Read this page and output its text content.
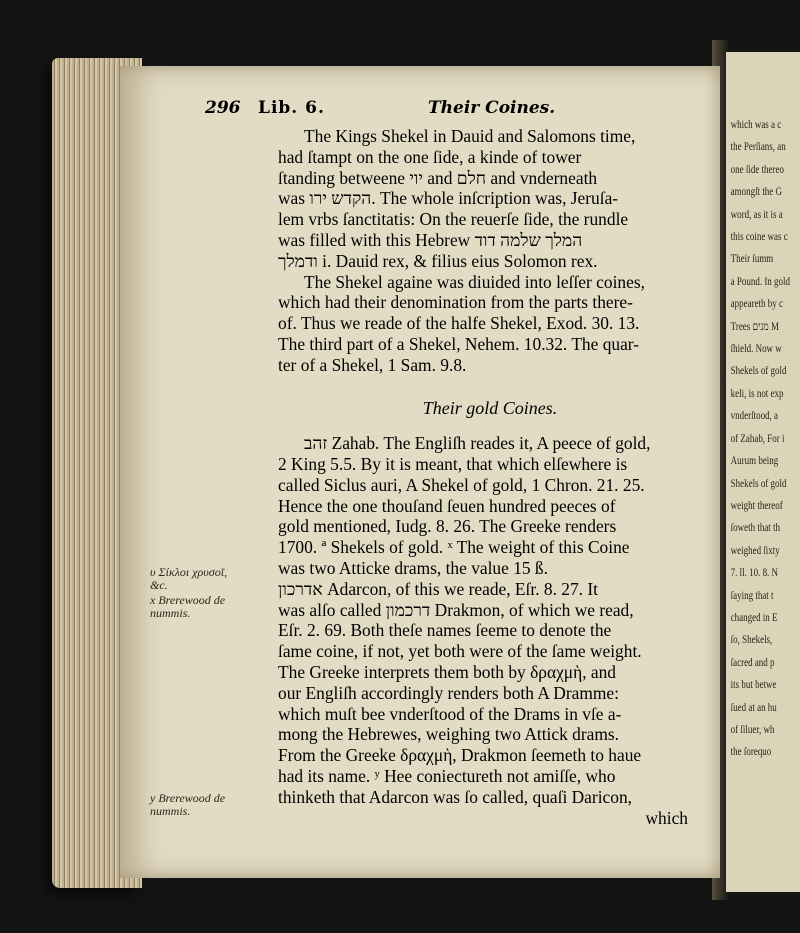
which was a c
the Perſians, an
one ſide thereo
amongſt the G
word, as it is a
this coine was c
Their ſumm
a Pound. In gold
appeareth by c
Trees מנים M
ſhield. Now w
Shekels of gold
keli, is not exp
vnderſtood, a
of Zahab, For i
Aurum being
Shekels of gold
weight thereof
ſoweth that th
weighed ſixty
7. ll. 10. 8. N
ſaying that t
changed in E
ſo, Shekels,
ſacred and p
its but betwe
ſued at an hu
of ſiluer, wh
the ſorequo
296 Lib. 6.	Their Coines.
υ Σίκλοι χρυσοῖ,
&c.
x Brerewood de
nummis.
y Brerewood de
nummis.
The Kings Shekel in Dauid and Salomons time,
had ſtampt on the one ſide, a kinde of tower
ſtanding betweene יוי and חלם and vnderneath
was הקדש ירו. The whole inſcription was, Jeruſa-
lem vrbs ſanctitatis: On the reuerſe ſide, the rundle
was filled with this Hebrew המלך שלמה דוד
ודמלך i. Dauid rex, & filius eius Solomon rex.
The Shekel againe was diuided into leſſer coines,
which had their denomination from the parts there-
of. Thus we reade of the halfe Shekel, Exod. 30. 13.
The third part of a Shekel, Nehem. 10.32. The quar-
ter of a Shekel, 1 Sam. 9.8.
Their gold Coines.
זהב Zahab. The Engliſh reades it, A peece of gold,
2 King 5.5. By it is meant, that which elſewhere is
called Siclus auri, A Shekel of gold, 1 Chron. 21. 25.
Hence the one thouſand ſeuen hundred peeces of
gold mentioned, Iudg. 8. 26. The Greeke renders
1700. ª Shekels of gold. ˣ The weight of this Coine
was two Atticke drams, the value 15 ß.
אדרכון Adarcon, of this we reade, Eſr. 8. 27. It
was alſo called דרכמון Drakmon, of which we read,
Eſr. 2. 69. Both theſe names ſeeme to denote the
ſame coine, if not, yet both were of the ſame weight.
The Greeke interprets them both by δραχμὴ, and
our Engliſh accordingly renders both A Dramme:
which muſt bee vnderſtood of the Drams in vſe a-
mong the Hebrewes, weighing two Attick drams.
From the Greeke δραχμὴ, Drakmon ſeemeth to haue
had its name. ʸ Hee coniectureth not amiſſe, who
thinketh that Adarcon was ſo called, quaſi Daricon,
which
